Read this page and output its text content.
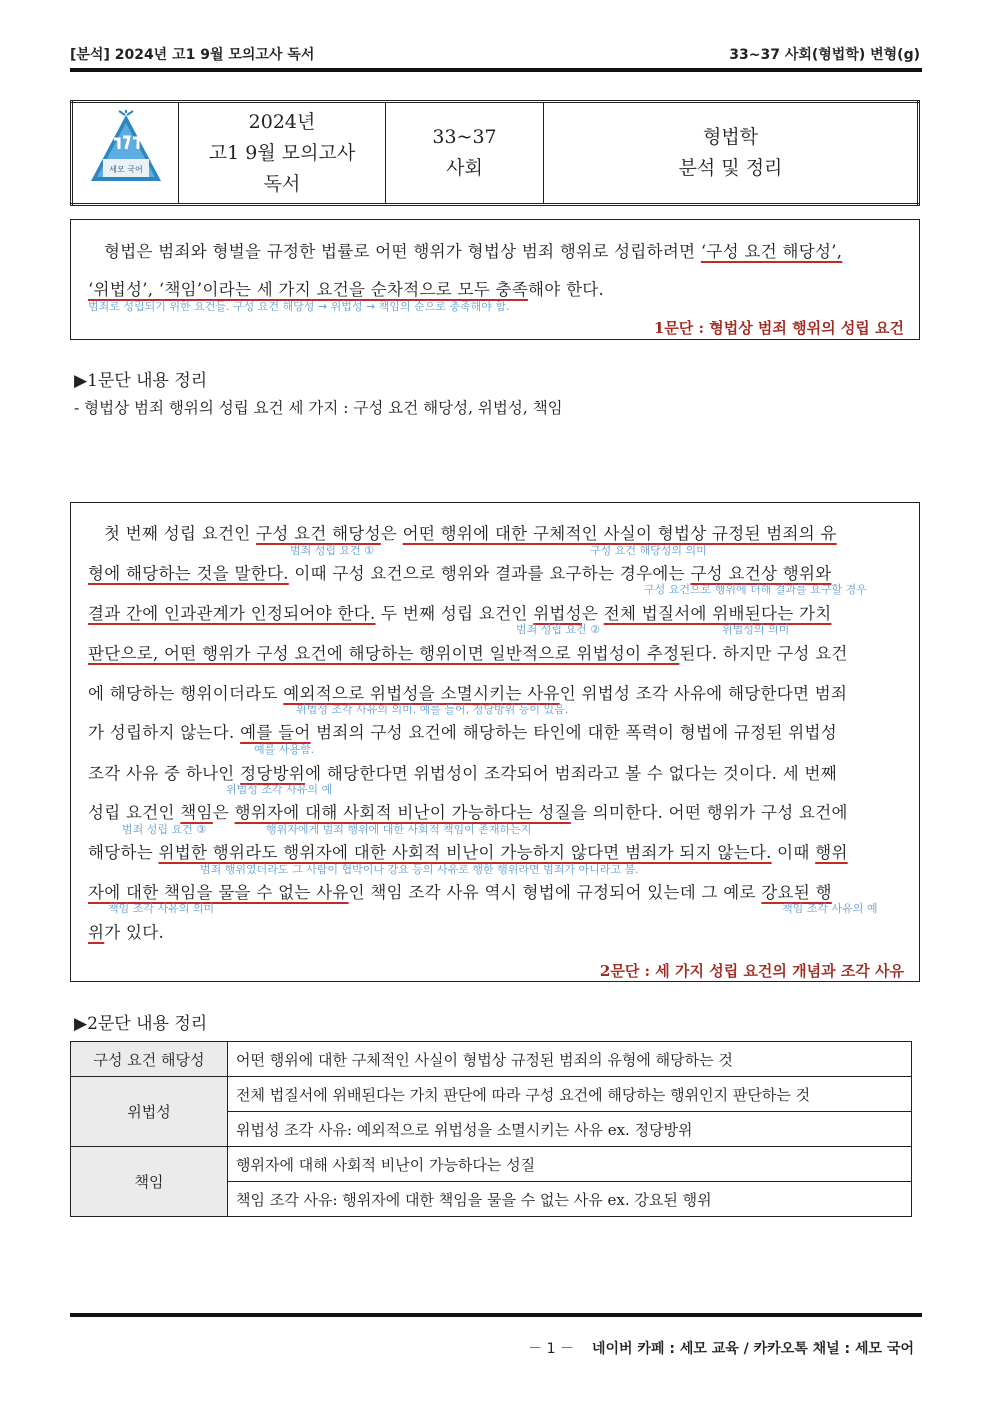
[분석] 2024년 고1 9월 모의고사 독서	33~37 사회(형법학) 변형(g)
세모 국어

2024년
고1 9월 모의고사
독서

33~37
사회

형법학
분석 및 정리
형법은 범죄와 형벌을 규정한 법률로 어떤 행위가 형법상 범죄 행위로 성립하려면 ‘구성 요건 해당성’,
‘위법성’, ‘책임’이라는 세 가지 요건을 순차적으로 모두 충족해야 한다.
범죄로 성립되기 위한 요건들. 구성 요건 해당성 → 위법성 → 책임의 순으로 충족해야 함.
1문단 : 형법상 범죄 행위의 성립 요건
▶1문단 내용 정리
- 형법상 범죄 행위의 성립 요건 세 가지 : 구성 요건 해당성, 위법성, 책임
첫 번째 성립 요건인 구성 요건 해당성은 어떤 행위에 대한 구체적인 사실이 형법상 규정된 범죄의 유
범죄 성립 요건 ①	구성 요건 해당성의 의미
형에 해당하는 것을 말한다. 이때 구성 요건으로 행위와 결과를 요구하는 경우에는 구성 요건상 행위와
구성 요건으로 행위에 더해 결과를 요구할 경우
결과 간에 인과관계가 인정되어야 한다. 두 번째 성립 요건인 위법성은 전체 법질서에 위배된다는 가치
범죄 성립 요건 ②	위법성의 의미
판단으로, 어떤 행위가 구성 요건에 해당하는 행위이면 일반적으로 위법성이 추정된다. 하지만 구성 요건
에 해당하는 행위이더라도 예외적으로 위법성을 소멸시키는 사유인 위법성 조각 사유에 해당한다면 범죄
위법성 조각 사유의 의미. 예를 들어, 정당방위 등이 있음.
가 성립하지 않는다. 예를 들어 범죄의 구성 요건에 해당하는 타인에 대한 폭력이 형법에 규정된 위법성
예를 사용함.
조각 사유 중 하나인 정당방위에 해당한다면 위법성이 조각되어 범죄라고 볼 수 없다는 것이다. 세 번째
위법성 조각 사유의 예
성립 요건인 책임은 행위자에 대해 사회적 비난이 가능하다는 성질을 의미한다. 어떤 행위가 구성 요건에
범죄 성립 요건 ③	행위자에게 범죄 행위에 대한 사회적 책임이 존재하는지
해당하는 위법한 행위라도 행위자에 대한 사회적 비난이 가능하지 않다면 범죄가 되지 않는다. 이때 행위
범죄 행위였더라도 그 사람이 협박이나 강요 등의 사유로 행한 행위라면 범죄가 아니라고 봄.
자에 대한 책임을 물을 수 없는 사유인 책임 조각 사유 역시 형법에 규정되어 있는데 그 예로 강요된 행
책임 조각 사유의 의미	책임 조각 사유의 예
위가 있다.
2문단 : 세 가지 성립 요건의 개념과 조각 사유
▶2문단 내용 정리
구성 요건 해당성	어떤 행위에 대한 구체적인 사실이 형법상 규정된 범죄의 유형에 해당하는 것
위법성	전체 법질서에 위배된다는 가치 판단에 따라 구성 요건에 해당하는 행위인지 판단하는 것
	위법성 조각 사유: 예외적으로 위법성을 소멸시키는 사유 ex. 정당방위
책임	행위자에 대해 사회적 비난이 가능하다는 성질
	책임 조각 사유: 행위자에 대한 책임을 물을 수 없는 사유 ex. 강요된 행위
－ 1 － 네이버 카페 : 세모 교육 / 카카오톡 채널 : 세모 국어
